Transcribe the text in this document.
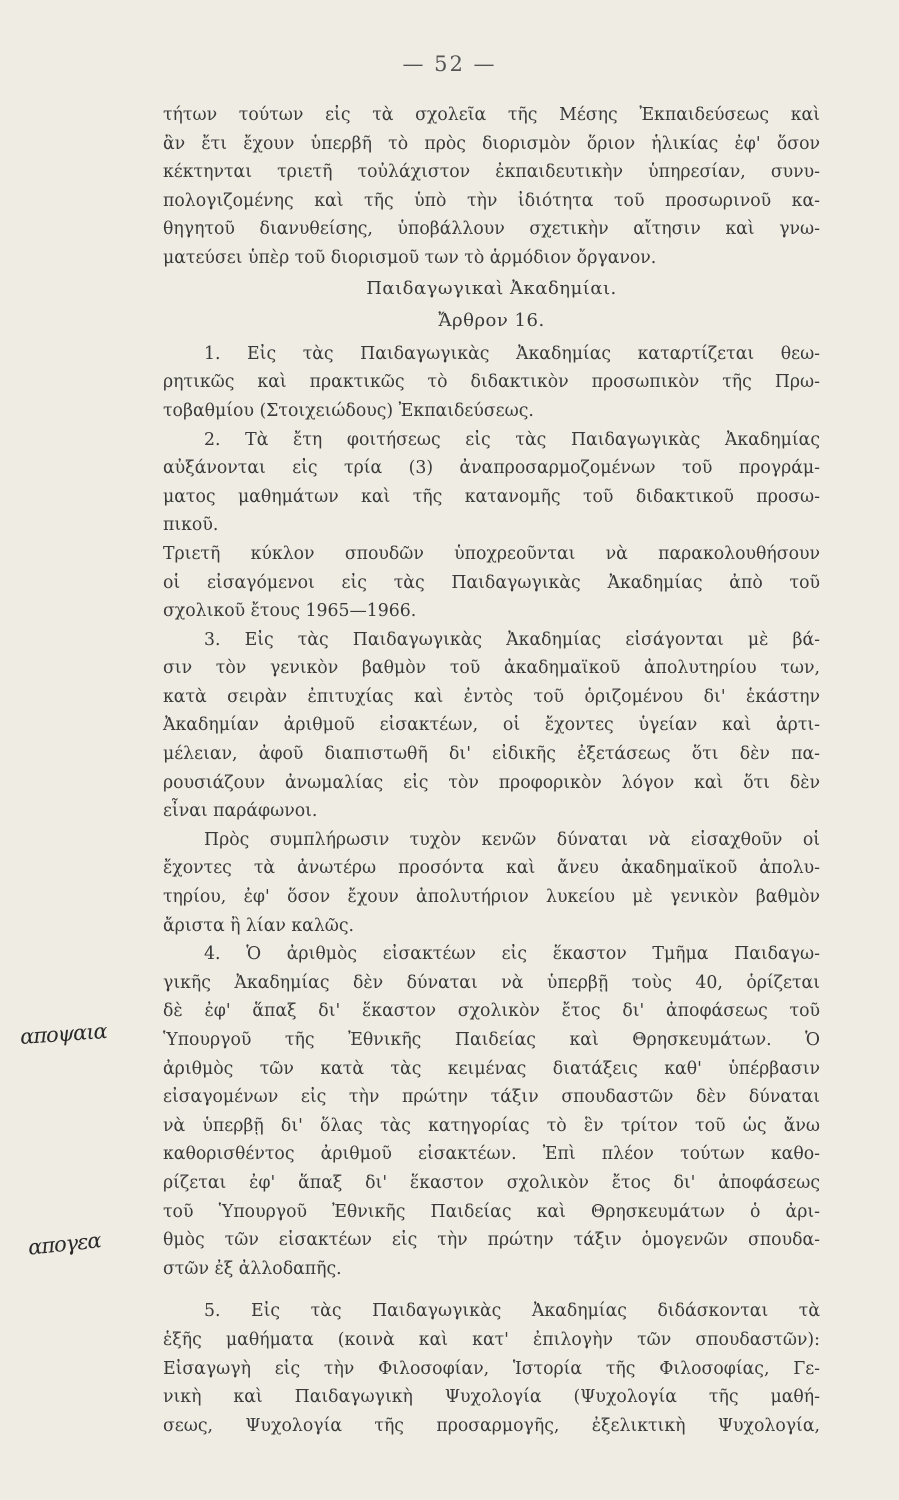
— 52 —
αποψαια
απογεα

τήτων τούτων εἰς τὰ σχολεῖα τῆς Μέσης Ἐκπαιδεύσεως καὶ
ἂν ἔτι ἔχουν ὑπερβῆ τὸ πρὸς διορισμὸν ὅριον ἡλικίας ἐφ' ὅσον
κέκτηνται τριετῆ τοὐλάχιστον ἐκπαιδευτικὴν ὑπηρεσίαν, συνυ-
πολογιζομένης καὶ τῆς ὑπὸ τὴν ἰδιότητα τοῦ προσωρινοῦ κα-
θηγητοῦ διανυθείσης, ὑποβάλλουν σχετικὴν αἴτησιν καὶ γνω-
ματεύσει ὑπὲρ τοῦ διορισμοῦ των τὸ ἁρμόδιον ὄργανον.

Παιδαγωγικαὶ Ἀκαδημίαι.
Ἄρθρον 16.

1. Εἰς τὰς Παιδαγωγικὰς Ἀκαδημίας καταρτίζεται θεω-
ρητικῶς καὶ πρακτικῶς τὸ διδακτικὸν προσωπικὸν τῆς Πρω-
τοβαθμίου (Στοιχειώδους) Ἐκπαιδεύσεως.

2. Τὰ ἔτη φοιτήσεως εἰς τὰς Παιδαγωγικὰς Ἀκαδημίας
αὐξάνονται εἰς τρία (3) ἀναπροσαρμοζομένων τοῦ προγράμ-
ματος μαθημάτων καὶ τῆς κατανομῆς τοῦ διδακτικοῦ προσω-
πικοῦ.

Τριετῆ κύκλον σπουδῶν ὑποχρεοῦνται νὰ παρακολουθήσουν
οἱ εἰσαγόμενοι εἰς τὰς Παιδαγωγικὰς Ἀκαδημίας ἀπὸ τοῦ
σχολικοῦ ἔτους 1965—1966.

3. Εἰς τὰς Παιδαγωγικὰς Ἀκαδημίας εἰσάγονται μὲ βά-
σιν τὸν γενικὸν βαθμὸν τοῦ ἀκαδημαϊκοῦ ἀπολυτηρίου των,
κατὰ σειρὰν ἐπιτυχίας καὶ ἐντὸς τοῦ ὁριζομένου δι' ἑκάστην
Ἀκαδημίαν ἀριθμοῦ εἰσακτέων, οἱ ἔχοντες ὑγείαν καὶ ἀρτι-
μέλειαν, ἀφοῦ διαπιστωθῆ δι' εἰδικῆς ἐξετάσεως ὅτι δὲν πα-
ρουσιάζουν ἀνωμαλίας εἰς τὸν προφορικὸν λόγον καὶ ὅτι δὲν
εἶναι παράφωνοι.

Πρὸς συμπλήρωσιν τυχὸν κενῶν δύναται νὰ εἰσαχθοῦν οἱ
ἔχοντες τὰ ἀνωτέρω προσόντα καὶ ἄνευ ἀκαδημαϊκοῦ ἀπολυ-
τηρίου, ἐφ' ὅσον ἔχουν ἀπολυτήριον λυκείου μὲ γενικὸν βαθμὸν
ἄριστα ἢ λίαν καλῶς.

4. Ὁ ἀριθμὸς εἰσακτέων εἰς ἕκαστον Τμῆμα Παιδαγω-
γικῆς Ἀκαδημίας δὲν δύναται νὰ ὑπερβῇ τοὺς 40, ὁρίζεται
δὲ ἐφ' ἅπαξ δι' ἕκαστον σχολικὸν ἔτος δι' ἀποφάσεως τοῦ
Ὑπουργοῦ τῆς Ἐθνικῆς Παιδείας καὶ Θρησκευμάτων. Ὁ
ἀριθμὸς τῶν κατὰ τὰς κειμένας διατάξεις καθ' ὑπέρβασιν
εἰσαγομένων εἰς τὴν πρώτην τάξιν σπουδαστῶν δὲν δύναται
νὰ ὑπερβῇ δι' ὅλας τὰς κατηγορίας τὸ ἓν τρίτον τοῦ ὡς ἄνω
καθορισθέντος ἀριθμοῦ εἰσακτέων. Ἐπὶ πλέον τούτων καθο-
ρίζεται ἐφ' ἅπαξ δι' ἕκαστον σχολικὸν ἔτος δι' ἀποφάσεως
τοῦ Ὑπουργοῦ Ἐθνικῆς Παιδείας καὶ Θρησκευμάτων ὁ ἀρι-
θμὸς τῶν εἰσακτέων εἰς τὴν πρώτην τάξιν ὁμογενῶν σπουδα-
στῶν ἐξ ἀλλοδαπῆς.

5. Εἰς τὰς Παιδαγωγικὰς Ἀκαδημίας διδάσκονται τὰ
ἑξῆς μαθήματα (κοινὰ καὶ κατ' ἐπιλογὴν τῶν σπουδαστῶν):
Εἰσαγωγὴ εἰς τὴν Φιλοσοφίαν, Ἱστορία τῆς Φιλοσοφίας, Γε-
νικὴ καὶ Παιδαγωγικὴ Ψυχολογία (Ψυχολογία τῆς μαθή-
σεως, Ψυχολογία τῆς προσαρμογῆς, ἐξελικτικὴ Ψυχολογία,
